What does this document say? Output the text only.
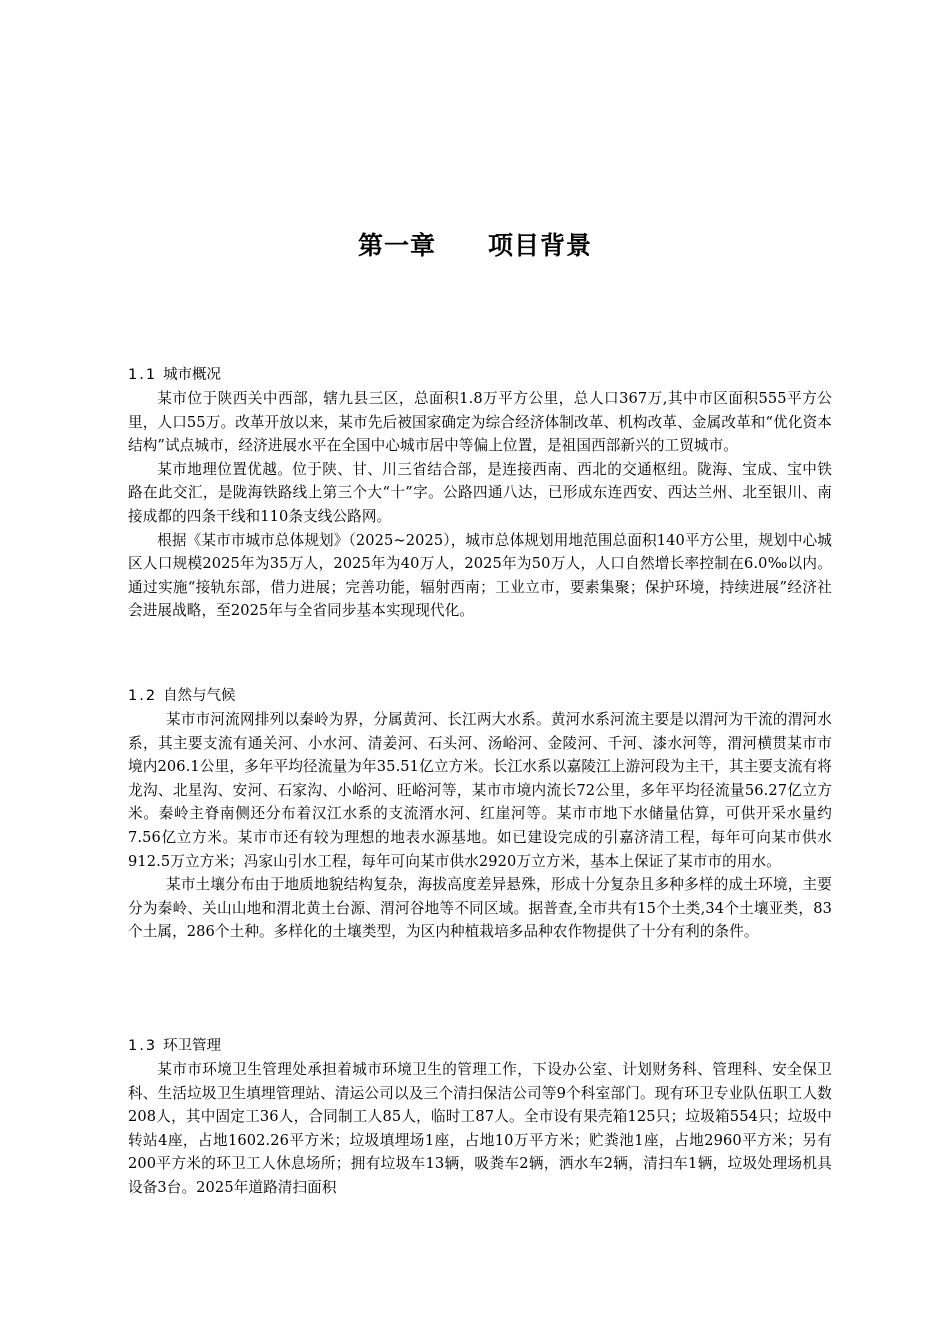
第一章　　项目背景
1.1 城市概况

某市位于陕西关中西部，辖九县三区，总面积1.8万平方公里，总人口367万,其中市区面积555平方公里，人口55万。改革开放以来，某市先后被国家确定为综合经济体制改革、机构改革、金属改革和“优化资本结构”试点城市，经济进展水平在全国中心城市居中等偏上位置，是祖国西部新兴的工贸城市。

某市地理位置优越。位于陕、甘、川三省结合部，是连接西南、西北的交通枢纽。陇海、宝成、宝中铁路在此交汇，是陇海铁路线上第三个大“十”字。公路四通八达，已形成东连西安、西达兰州、北至银川、南接成都的四条干线和110条支线公路网。

根据《某市市城市总体规划》（2025~2025），城市总体规划用地范围总面积140平方公里，规划中心城区人口规模2025年为35万人，2025年为40万人，2025年为50万人，人口自然增长率控制在6.0‰以内。通过实施“接轨东部，借力进展；完善功能，辐射西南；工业立市，要素集聚；保护环境，持续进展”经济社会进展战略，至2025年与全省同步基本实现现代化。

1.2 自然与气候

某市市河流网排列以秦岭为界，分属黄河、长江两大水系。黄河水系河流主要是以渭河为干流的渭河水系，其主要支流有通关河、小水河、清姜河、石头河、汤峪河、金陵河、千河、漆水河等，渭河横贯某市市境内206.1公里，多年平均径流量为年35.51亿立方米。长江水系以嘉陵江上游河段为主干，其主要支流有将龙沟、北星沟、安河、石家沟、小峪河、旺峪河等，某市市境内流长72公里，多年平均径流量56.27亿立方米。秦岭主脊南侧还分布着汉江水系的支流湑水河、红崖河等。某市市地下水储量估算，可供开采水量约7.56亿立方米。某市市还有较为理想的地表水源基地。如已建设完成的引嘉济清工程，每年可向某市供水912.5万立方米；冯家山引水工程，每年可向某市供水2920万立方米，基本上保证了某市市的用水。

某市土壤分布由于地质地貌结构复杂，海拔高度差异悬殊，形成十分复杂且多种多样的成土环境，主要分为秦岭、关山山地和渭北黄土台源、渭河谷地等不同区域。据普查,全市共有15个土类,34个土壤亚类，83个土属，286个土种。多样化的土壤类型，为区内种植栽培多品种农作物提供了十分有利的条件。

1.3 环卫管理

某市市环境卫生管理处承担着城市环境卫生的管理工作，下设办公室、计划财务科、管理科、安全保卫科、生活垃圾卫生填埋管理站、清运公司以及三个清扫保洁公司等9个科室部门。现有环卫专业队伍职工人数208人，其中固定工36人，合同制工人85人，临时工87人。全市设有果壳箱125只；垃圾箱554只；垃圾中转站4座，占地1602.26平方米；垃圾填埋场1座，占地10万平方米；贮粪池1座，占地2960平方米；另有200平方米的环卫工人休息场所；拥有垃圾车13辆，吸粪车2辆，洒水车2辆，清扫车1辆，垃圾处理场机具设备3台。2025年道路清扫面积
